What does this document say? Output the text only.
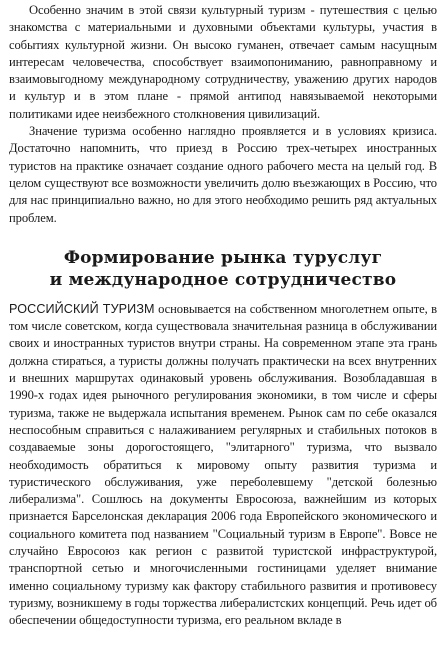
Особенно значим в этой связи культурный туризм - путешествия с целью знакомства с материальными и духовными объектами культуры, участия в событиях культурной жизни. Он высоко гуманен, отвечает самым насущным интересам человечества, способствует взаимопониманию, равноправному и взаимовыгодному международному сотрудничеству, уважению других народов и культур и в этом плане - прямой антипод навязываемой некоторыми политиками идее неизбежного столкновения цивилизаций.

Значение туризма особенно наглядно проявляется и в условиях кризиса. Достаточно напомнить, что приезд в Россию трех-четырех иностранных туристов на практике означает создание одного рабочего места на целый год. В целом существуют все возможности увеличить долю въезжающих в Россию, что для нас принципиально важно, но для этого необходимо решить ряд актуальных проблем.

Формирование рынка туруслуг
и международное сотрудничество

РОССИЙСКИЙ ТУРИЗМ основывается на собственном многолетнем опыте, в том числе советском, когда существовала значительная разница в обслуживании своих и иностранных туристов внутри страны. На современном этапе эта грань должна стираться, а туристы должны получать практически на всех внутренних и внешних маршрутах одинаковый уровень обслуживания. Возобладавшая в 1990-х годах идея рыночного регулирования экономики, в том числе и сферы туризма, также не выдержала испытания временем. Рынок сам по себе оказался неспособным справиться с налаживанием регулярных и стабильных потоков в создаваемые зоны дорогостоящего, "элитарного" туризма, что вызвало необходимость обратиться к мировому опыту развития туризма и туристического обслуживания, уже переболевшему "детской болезнью либерализма". Сошлюсь на документы Евросоюза, важнейшим из которых признается Барселонская декларация 2006 года Европейского экономического и социального комитета под названием "Социальный туризм в Европе". Вовсе не случайно Евросоюз как регион с развитой туристской инфраструктурой, транспортной сетью и многочисленными гостиницами уделяет внимание именно социальному туризму как фактору стабильного развития и противовесу туризму, возникшему в годы торжества либералистских концепций. Речь идет об обеспечении общедоступности туризма, его реальном вкладе в
